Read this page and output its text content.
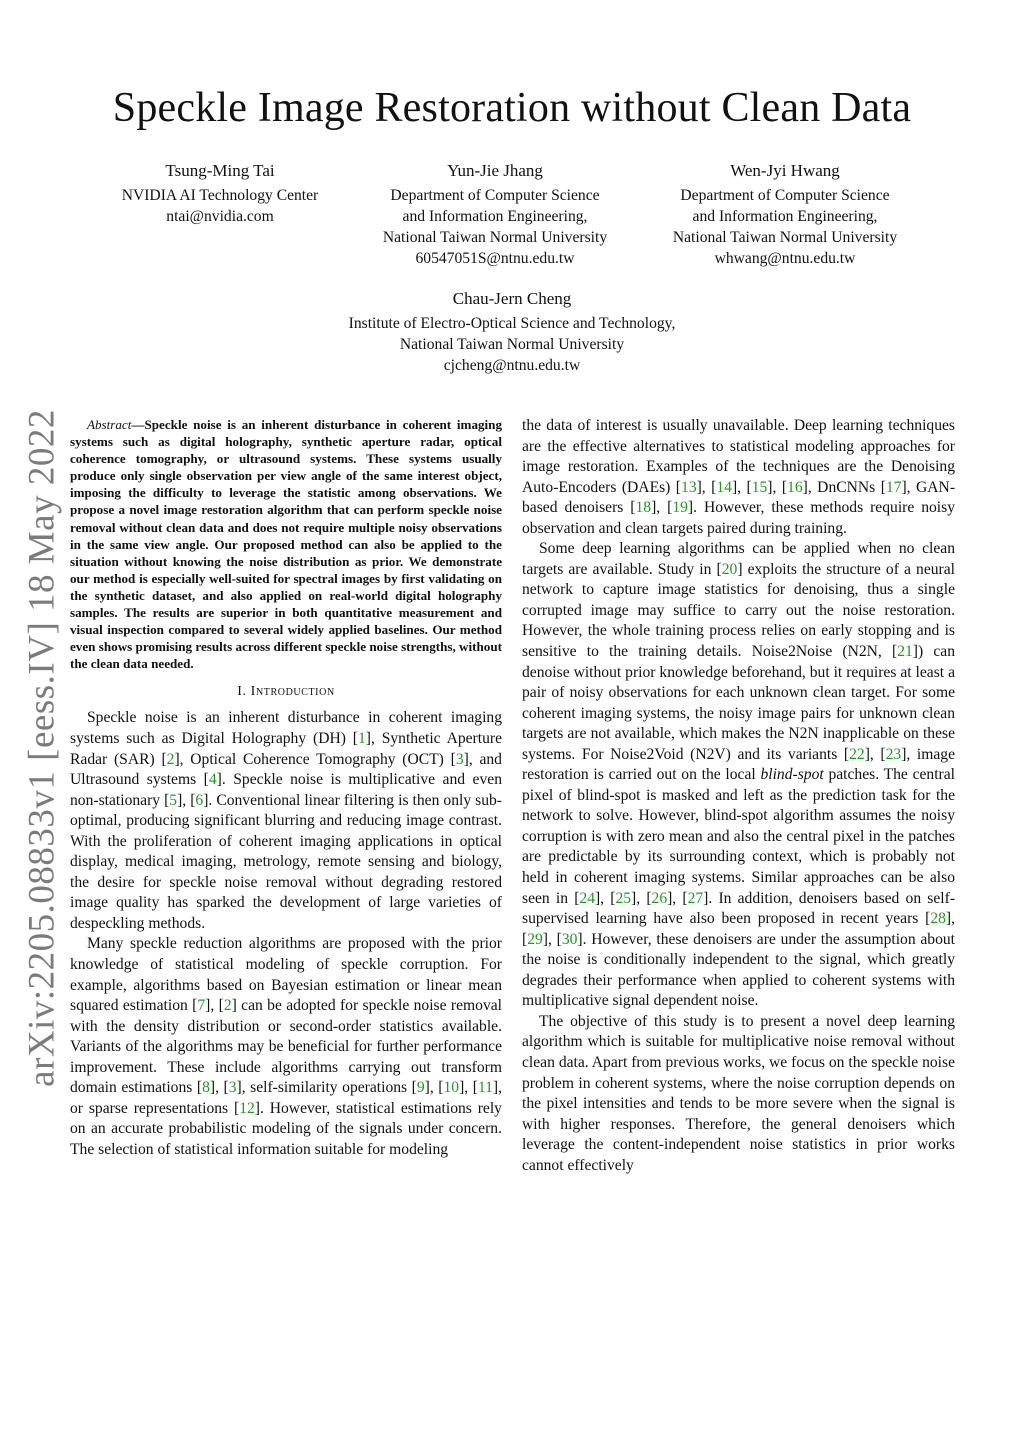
arXiv:2205.08833v1 [eess.IV] 18 May 2022
Speckle Image Restoration without Clean Data
Tsung-Ming Tai
NVIDIA AI Technology Center
ntai@nvidia.com
Yun-Jie Jhang
Department of Computer Science
and Information Engineering,
National Taiwan Normal University
60547051S@ntnu.edu.tw
Wen-Jyi Hwang
Department of Computer Science
and Information Engineering,
National Taiwan Normal University
whwang@ntnu.edu.tw
Chau-Jern Cheng
Institute of Electro-Optical Science and Technology,
National Taiwan Normal University
cjcheng@ntnu.edu.tw

Abstract—Speckle noise is an inherent disturbance in coherent imaging systems such as digital holography, synthetic aperture radar, optical coherence tomography, or ultrasound systems. These systems usually produce only single observation per view angle of the same interest object, imposing the difficulty to leverage the statistic among observations. We propose a novel image restoration algorithm that can perform speckle noise removal without clean data and does not require multiple noisy observations in the same view angle. Our proposed method can also be applied to the situation without knowing the noise distribution as prior. We demonstrate our method is especially well-suited for spectral images by first validating on the synthetic dataset, and also applied on real-world digital holography samples. The results are superior in both quantitative measurement and visual inspection compared to several widely applied baselines. Our method even shows promising results across different speckle noise strengths, without the clean data needed.

I. Introduction

Speckle noise is an inherent disturbance in coherent imaging systems such as Digital Holography (DH) [1], Synthetic Aperture Radar (SAR) [2], Optical Coherence Tomography (OCT) [3], and Ultrasound systems [4]. Speckle noise is multiplicative and even non-stationary [5], [6]. Conventional linear filtering is then only sub-optimal, producing significant blurring and reducing image contrast. With the proliferation of coherent imaging applications in optical display, medical imaging, metrology, remote sensing and biology, the desire for speckle noise removal without degrading restored image quality has sparked the development of large varieties of despeckling methods.

Many speckle reduction algorithms are proposed with the prior knowledge of statistical modeling of speckle corruption. For example, algorithms based on Bayesian estimation or linear mean squared estimation [7], [2] can be adopted for speckle noise removal with the density distribution or second-order statistics available. Variants of the algorithms may be beneficial for further performance improvement. These include algorithms carrying out transform domain estimations [8], [3], self-similarity operations [9], [10], [11], or sparse representations [12]. However, statistical estimations rely on an accurate probabilistic modeling of the signals under concern. The selection of statistical information suitable for modeling

the data of interest is usually unavailable. Deep learning techniques are the effective alternatives to statistical modeling approaches for image restoration. Examples of the techniques are the Denoising Auto-Encoders (DAEs) [13], [14], [15], [16], DnCNNs [17], GAN-based denoisers [18], [19]. However, these methods require noisy observation and clean targets paired during training.

Some deep learning algorithms can be applied when no clean targets are available. Study in [20] exploits the structure of a neural network to capture image statistics for denoising, thus a single corrupted image may suffice to carry out the noise restoration. However, the whole training process relies on early stopping and is sensitive to the training details. Noise2Noise (N2N, [21]) can denoise without prior knowledge beforehand, but it requires at least a pair of noisy observations for each unknown clean target. For some coherent imaging systems, the noisy image pairs for unknown clean targets are not available, which makes the N2N inapplicable on these systems. For Noise2Void (N2V) and its variants [22], [23], image restoration is carried out on the local blind-spot patches. The central pixel of blind-spot is masked and left as the prediction task for the network to solve. However, blind-spot algorithm assumes the noisy corruption is with zero mean and also the central pixel in the patches are predictable by its surrounding context, which is probably not held in coherent imaging systems. Similar approaches can be also seen in [24], [25], [26], [27]. In addition, denoisers based on self-supervised learning have also been proposed in recent years [28], [29], [30]. However, these denoisers are under the assumption about the noise is conditionally independent to the signal, which greatly degrades their performance when applied to coherent systems with multiplicative signal dependent noise.

The objective of this study is to present a novel deep learning algorithm which is suitable for multiplicative noise removal without clean data. Apart from previous works, we focus on the speckle noise problem in coherent systems, where the noise corruption depends on the pixel intensities and tends to be more severe when the signal is with higher responses. Therefore, the general denoisers which leverage the content-independent noise statistics in prior works cannot effectively
